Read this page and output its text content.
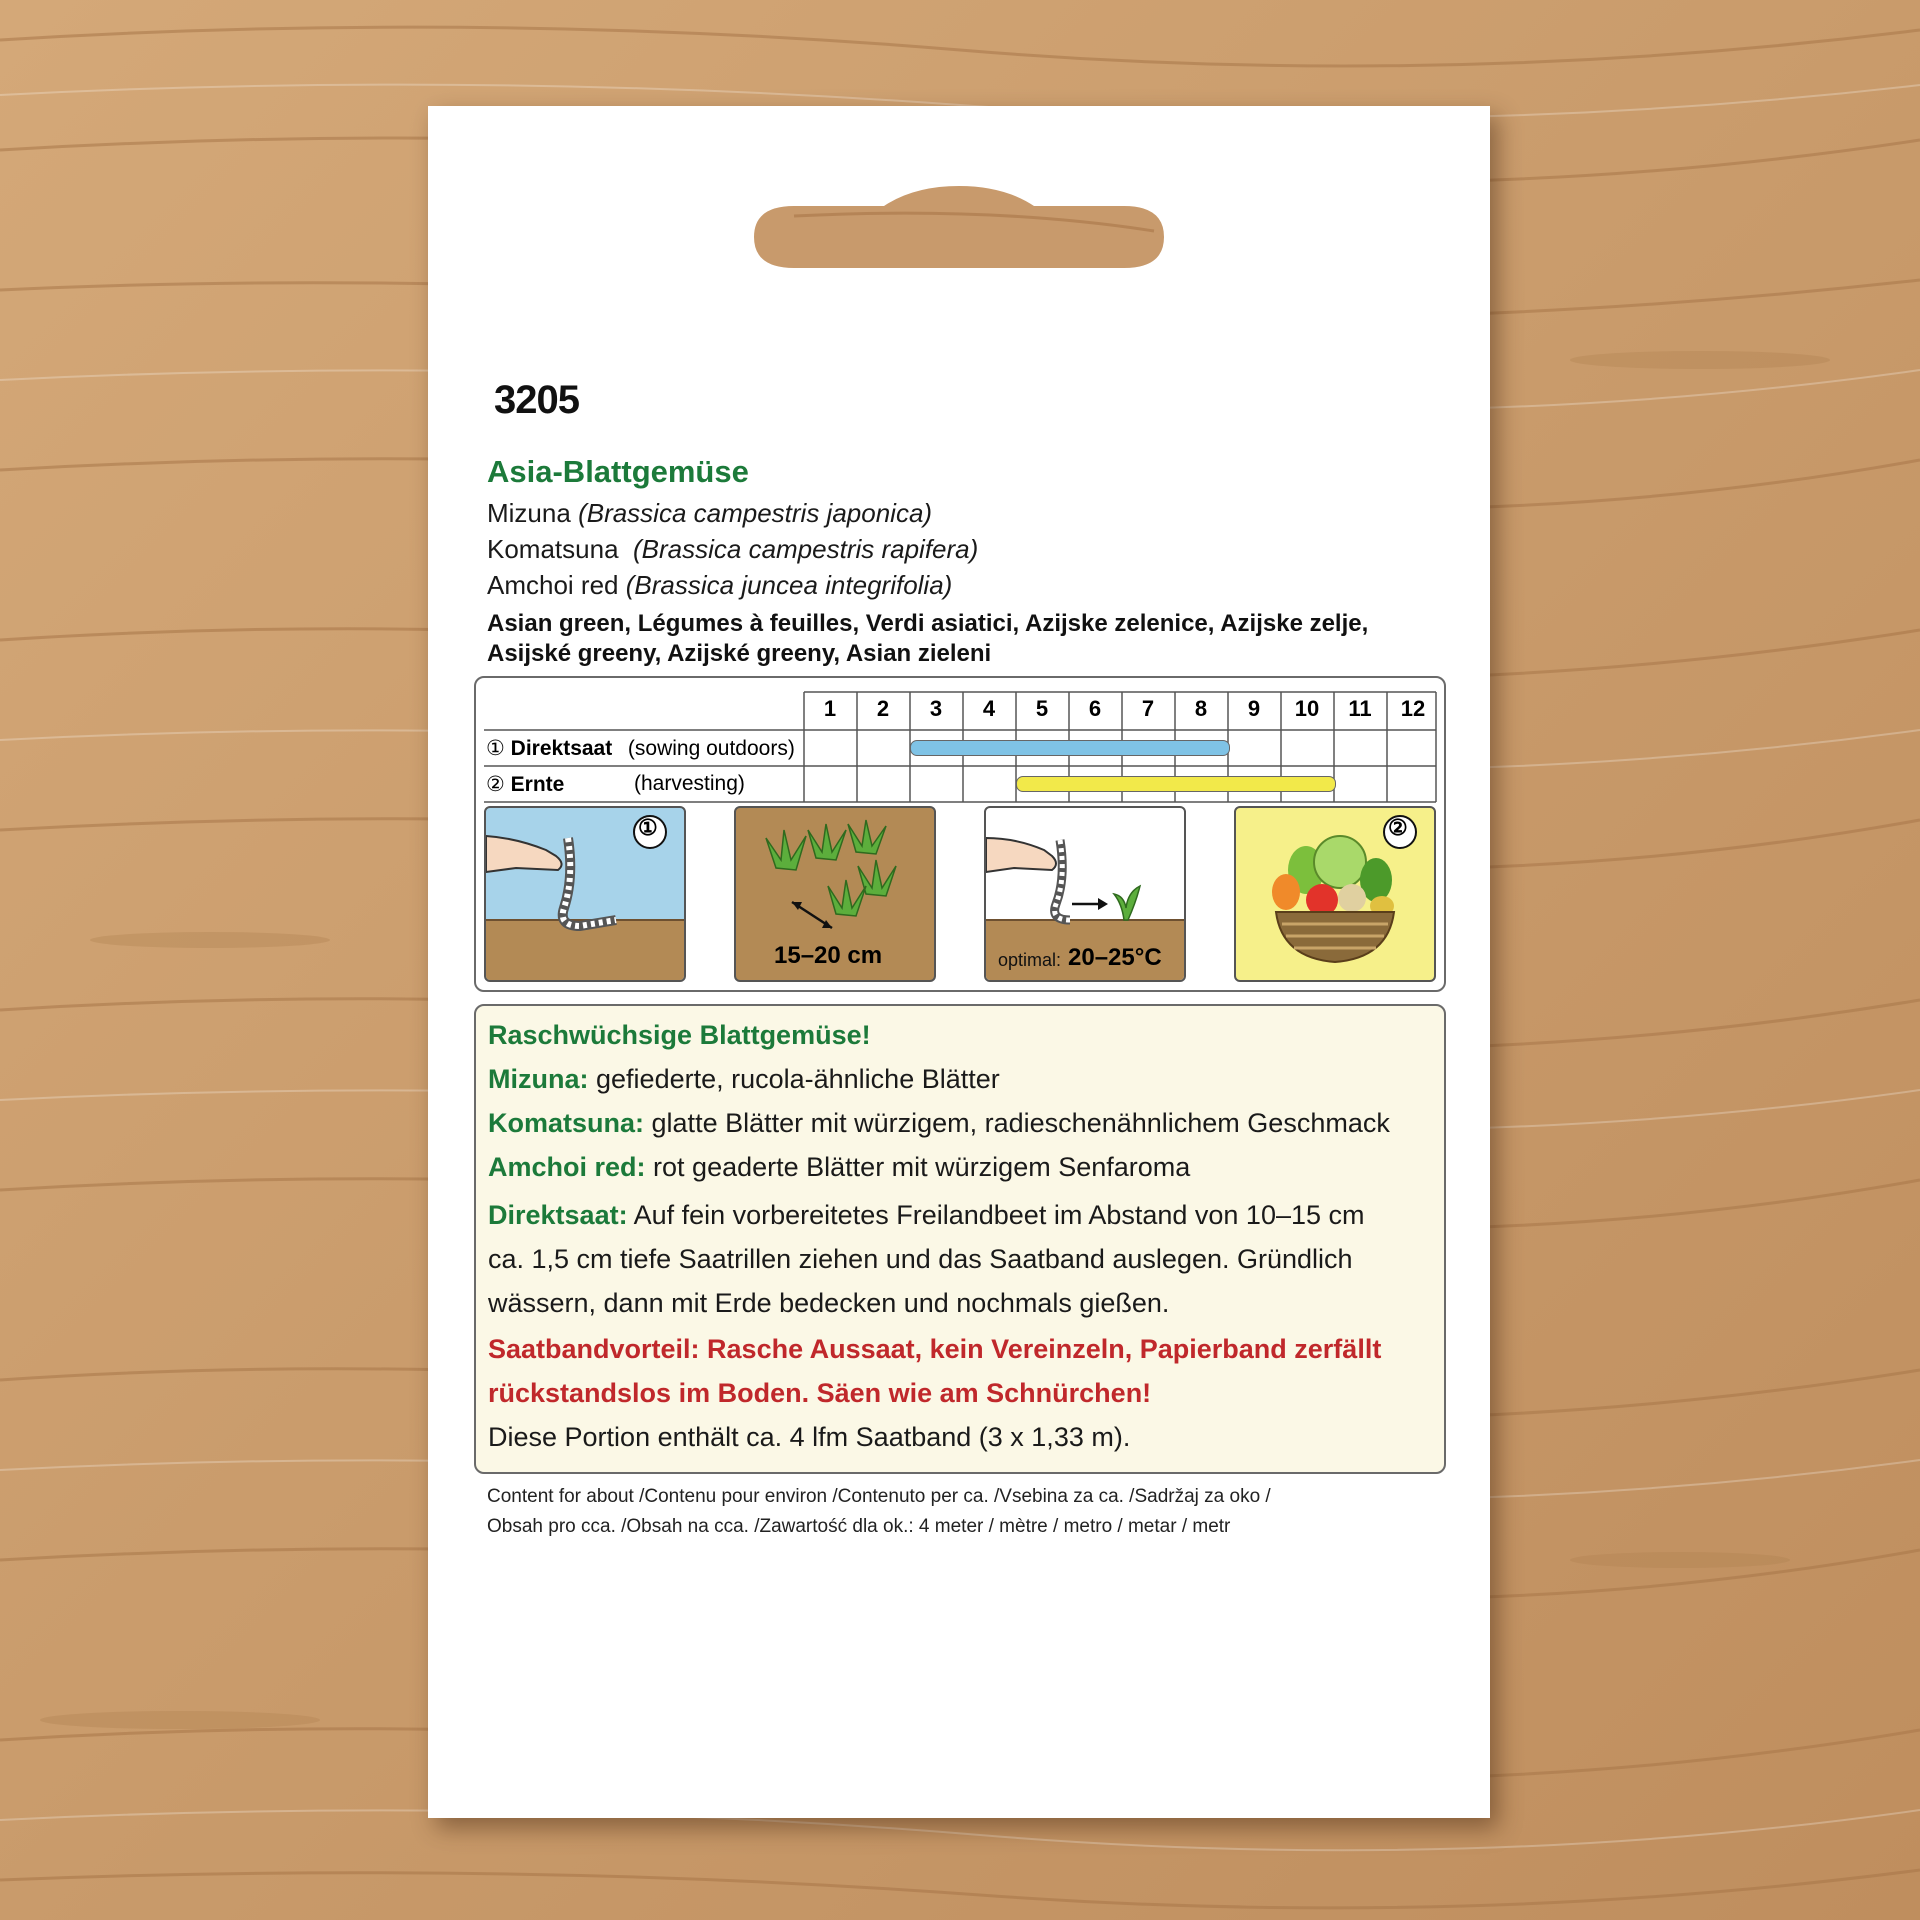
3205
Asia-Blattgemüse
Mizuna (Brassica campestris japonica)
Komatsuna (Brassica campestris rapifera)
Amchoi red (Brassica juncea integrifolia)
Asian green, Légumes à feuilles, Verdi asiatici, Azijske zelenice, Azijske zelje,
Asijské greeny, Azijské greeny, Asian zieleni
1	2	3	4	5	6	7	8	9	10	11	12
① Direktsaat (sowing outdoors)
② Ernte	(harvesting)
①
15–20 cm	optimal: 20–25°C
②
Raschwüchsige Blattgemüse!
Mizuna: gefiederte, rucola-ähnliche Blätter
Komatsuna: glatte Blätter mit würzigem, radieschenähnlichem Geschmack
Amchoi red: rot geaderte Blätter mit würzigem Senfaroma
Direktsaat: Auf fein vorbereitetes Freilandbeet im Abstand von 10–15 cm
ca. 1,5 cm tiefe Saatrillen ziehen und das Saatband auslegen. Gründlich
wässern, dann mit Erde bedecken und nochmals gießen.
Saatbandvorteil: Rasche Aussaat, kein Vereinzeln, Papierband zerfällt
rückstandslos im Boden. Säen wie am Schnürchen!
Diese Portion enthält ca. 4 lfm Saatband (3 x 1,33 m).
Content for about /Contenu pour environ /Contenuto per ca. /Vsebina za ca. /Sadržaj za oko /
Obsah pro cca. /Obsah na cca. /Zawartość dla ok.: 4 meter / mètre / metro / metar / metr
